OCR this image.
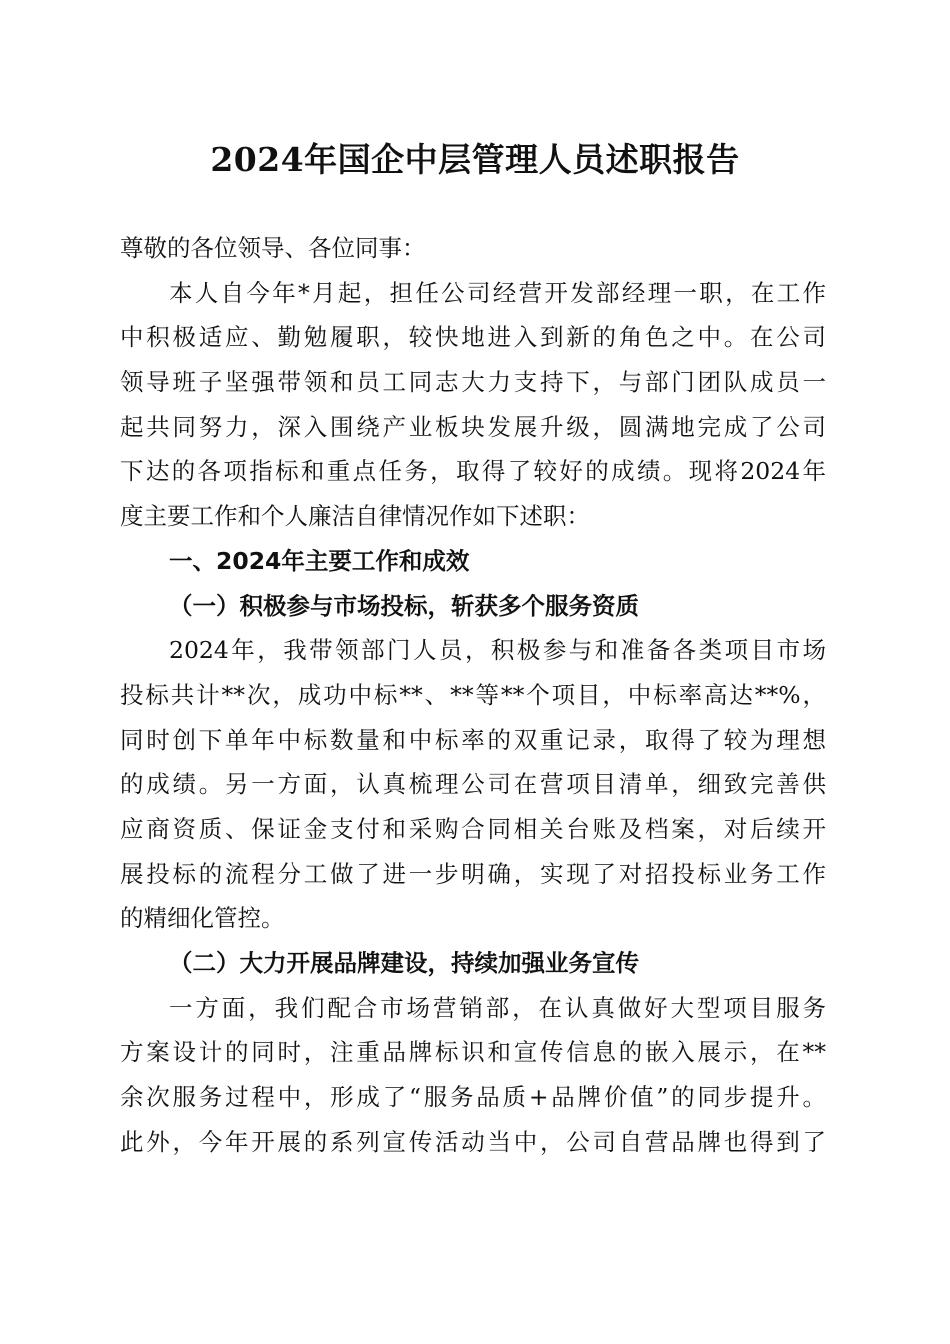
2024年国企中层管理人员述职报告
尊敬的各位领导、各位同事：
本人自今年*月起，担任公司经营开发部经理一职，在工作
中积极适应、勤勉履职，较快地进入到新的角色之中。在公司
领导班子坚强带领和员工同志大力支持下，与部门团队成员一
起共同努力，深入围绕产业板块发展升级，圆满地完成了公司
下达的各项指标和重点任务，取得了较好的成绩。现将2024年
度主要工作和个人廉洁自律情况作如下述职：
一、2024年主要工作和成效
（一）积极参与市场投标，斩获多个服务资质
2024年，我带领部门人员，积极参与和准备各类项目市场
投标共计**次，成功中标**、**等**个项目，中标率高达**%，
同时创下单年中标数量和中标率的双重记录，取得了较为理想
的成绩。另一方面，认真梳理公司在营项目清单，细致完善供
应商资质、保证金支付和采购合同相关台账及档案，对后续开
展投标的流程分工做了进一步明确，实现了对招投标业务工作
的精细化管控。
（二）大力开展品牌建设，持续加强业务宣传
一方面，我们配合市场营销部，在认真做好大型项目服务
方案设计的同时，注重品牌标识和宣传信息的嵌入展示，在**
余次服务过程中，形成了“服务品质+品牌价值”的同步提升。
此外，今年开展的系列宣传活动当中，公司自营品牌也得到了
